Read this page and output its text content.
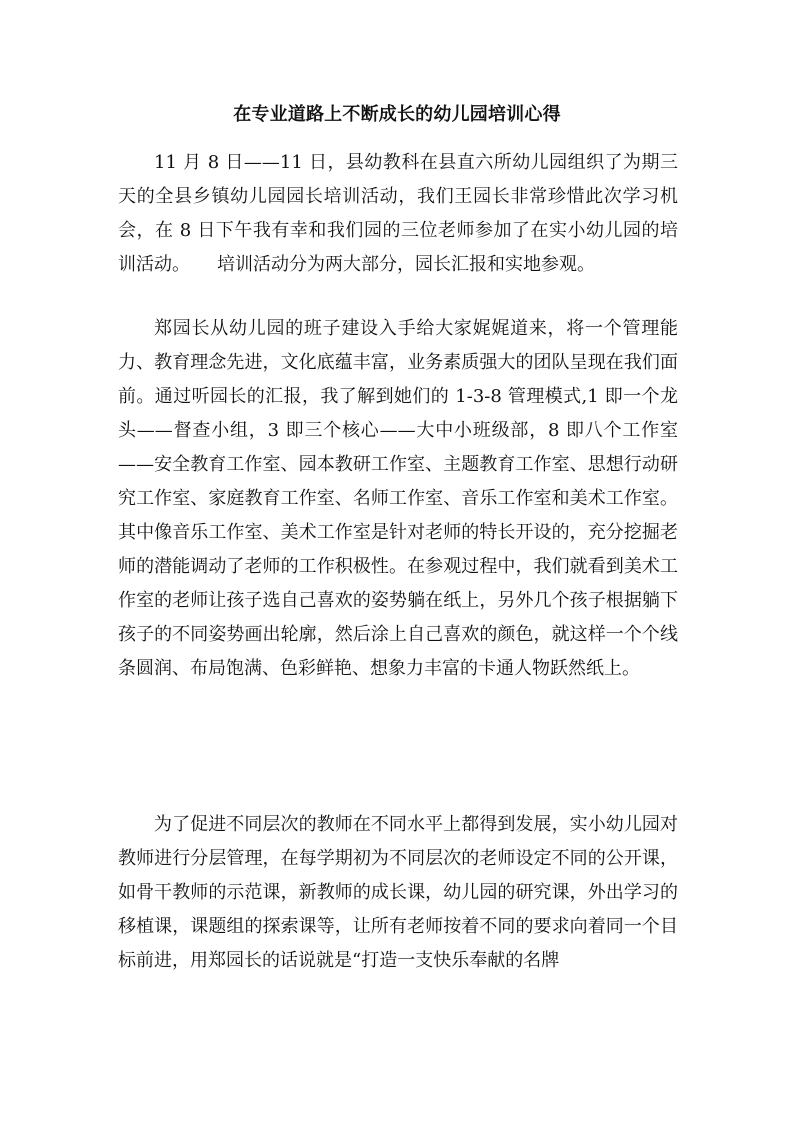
在专业道路上不断成长的幼儿园培训心得

11 月 8 日——11 日，县幼教科在县直六所幼儿园组织了为期三天的全县乡镇幼儿园园长培训活动，我们王园长非常珍惜此次学习机会，在 8 日下午我有幸和我们园的三位老师参加了在实小幼儿园的培训活动。　　培训活动分为两大部分，园长汇报和实地参观。

郑园长从幼儿园的班子建设入手给大家娓娓道来，将一个管理能力、教育理念先进，文化底蕴丰富，业务素质强大的团队呈现在我们面前。通过听园长的汇报，我了解到她们的 1-3-8 管理模式,1 即一个龙头——督查小组，3 即三个核心——大中小班级部，8 即八个工作室——安全教育工作室、园本教研工作室、主题教育工作室、思想行动研究工作室、家庭教育工作室、名师工作室、音乐工作室和美术工作室。其中像音乐工作室、美术工作室是针对老师的特长开设的，充分挖掘老师的潜能调动了老师的工作积极性。在参观过程中，我们就看到美术工作室的老师让孩子选自己喜欢的姿势躺在纸上，另外几个孩子根据躺下孩子的不同姿势画出轮廓，然后涂上自己喜欢的颜色，就这样一个个线条圆润、布局饱满、色彩鲜艳、想象力丰富的卡通人物跃然纸上。

为了促进不同层次的教师在不同水平上都得到发展，实小幼儿园对教师进行分层管理，在每学期初为不同层次的老师设定不同的公开课，如骨干教师的示范课，新教师的成长课，幼儿园的研究课，外出学习的移植课，课题组的探索课等，让所有老师按着不同的要求向着同一个目标前进，用郑园长的话说就是“打造一支快乐奉献的名牌
